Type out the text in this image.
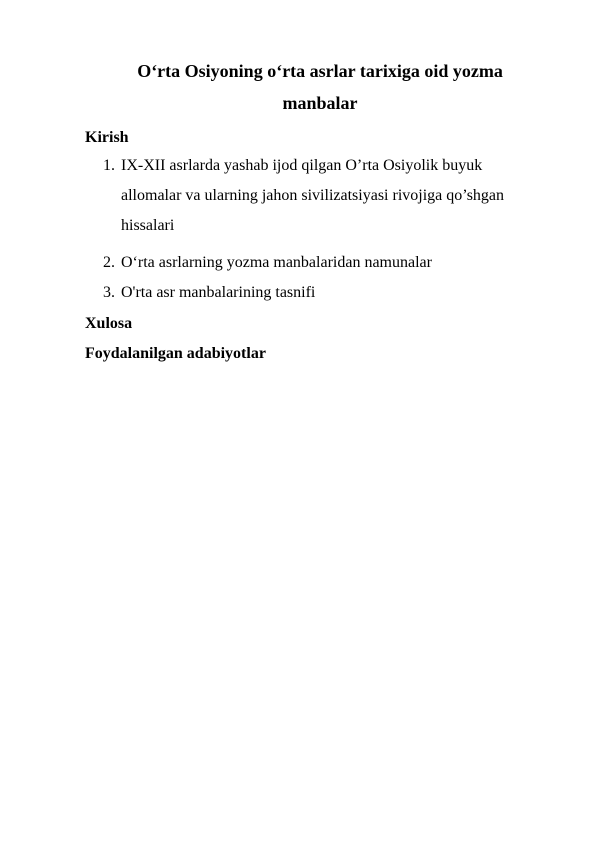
O‘rta Osiyoning o‘rta asrlar tarixiga oid yozma
manbalar
Kirish
1. IX-XII asrlarda yashab ijod qilgan O’rta Osiyolik buyuk allomalar va ularning jahon sivilizatsiyasi rivojiga qo’shgan hissalari
2. O‘rta asrlarning yozma manbalaridan namunalar
3. O'rta asr manbalarining tasnifi
Xulosa
Foydalanilgan adabiyotlar
